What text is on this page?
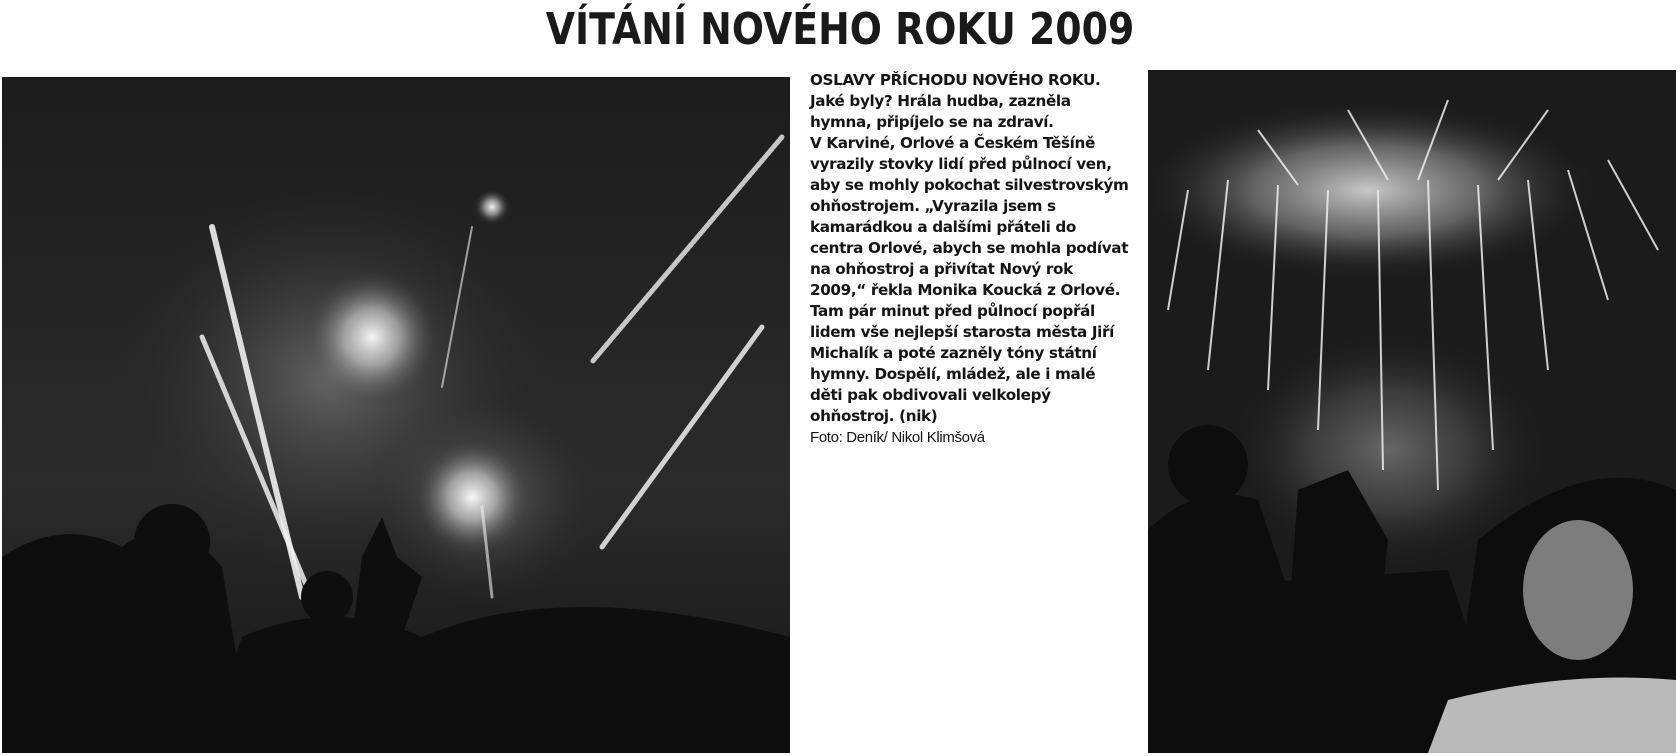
VÍTÁNÍ NOVÉHO ROKU 2009

OSLAVY PŘÍCHODU NOVÉHO ROKU. Jaké byly? Hrála hudba, zazněla hymna, připíjelo se na zdraví.

V Karviné, Orlové a Českém Těšíně vyrazily stovky lidí před půlnocí ven, aby se mohly pokochat silvestrovským ohňostrojem. „Vyrazila jsem s kamarádkou a dalšími přáteli do centra Orlové, abych se mohla podívat na ohňostroj a přivítat Nový rok 2009,“ řekla Monika Koucká z Orlové. Tam pár minut před půlnocí popřál lidem vše nejlepší starosta města Jiří Michalík a poté zazněly tóny státní hymny. Dospělí, mládež, ale i malé děti pak obdivovali velkolepý ohňostroj. (nik)

Foto: Deník/ Nikol Klimšová
